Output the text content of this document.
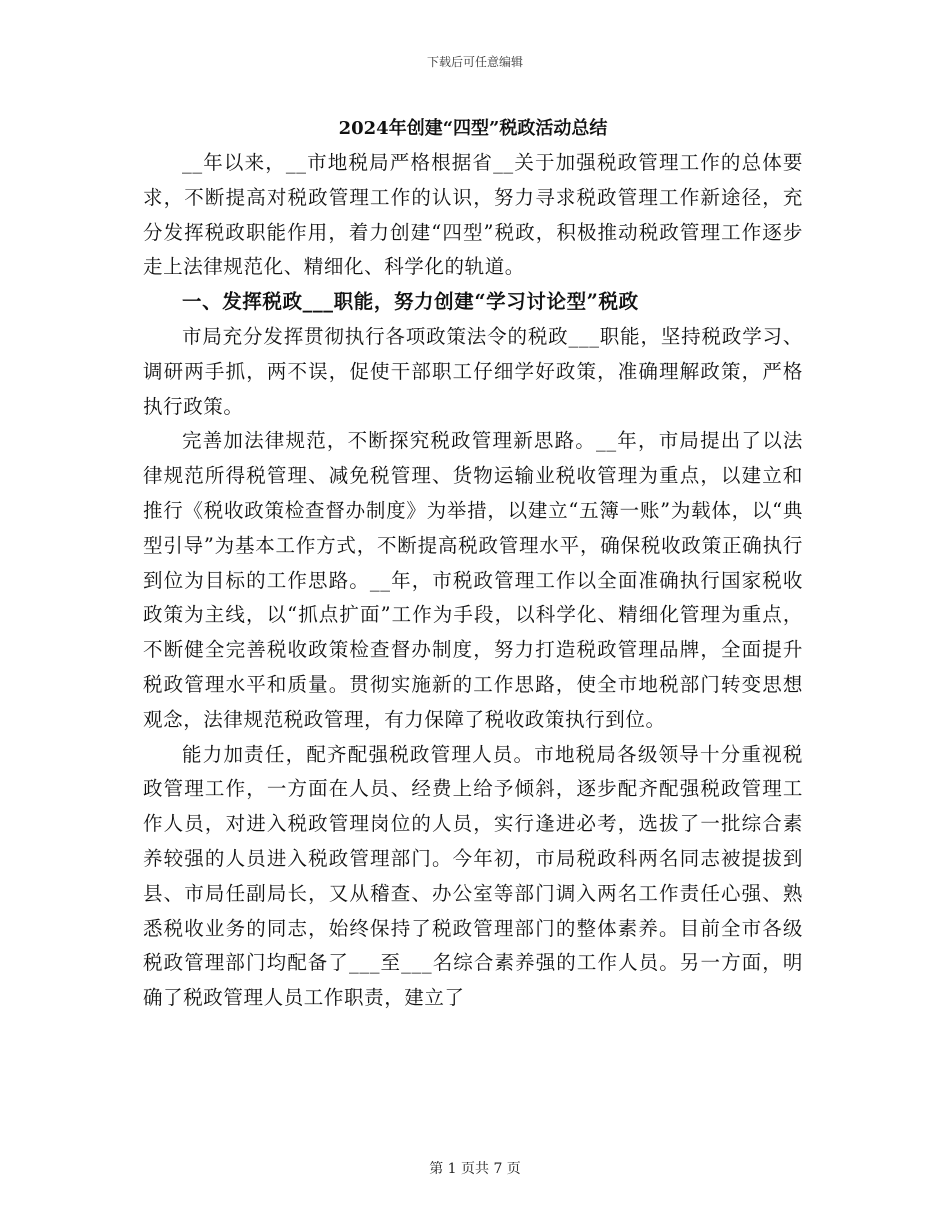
下载后可任意编辑
2024年创建“四型”税政活动总结

__年以来，__市地税局严格根据省__关于加强税政管理工作的总体要求，不断提高对税政管理工作的认识，努力寻求税政管理工作新途径，充分发挥税政职能作用，着力创建“四型”税政，积极推动税政管理工作逐步走上法律规范化、精细化、科学化的轨道。

一、发挥税政___职能，努力创建“学习讨论型”税政

市局充分发挥贯彻执行各项政策法令的税政___职能，坚持税政学习、调研两手抓，两不误，促使干部职工仔细学好政策，准确理解政策，严格执行政策。

完善加法律规范，不断探究税政管理新思路。__年，市局提出了以法律规范所得税管理、减免税管理、货物运输业税收管理为重点，以建立和推行《税收政策检查督办制度》为举措，以建立“五簿一账”为载体，以“典型引导”为基本工作方式，不断提高税政管理水平，确保税收政策正确执行到位为目标的工作思路。__年，市税政管理工作以全面准确执行国家税收政策为主线，以“抓点扩面”工作为手段，以科学化、精细化管理为重点，不断健全完善税收政策检查督办制度，努力打造税政管理品牌，全面提升税政管理水平和质量。贯彻实施新的工作思路，使全市地税部门转变思想观念，法律规范税政管理，有力保障了税收政策执行到位。

能力加责任，配齐配强税政管理人员。市地税局各级领导十分重视税政管理工作，一方面在人员、经费上给予倾斜，逐步配齐配强税政管理工作人员，对进入税政管理岗位的人员，实行逢进必考，选拔了一批综合素养较强的人员进入税政管理部门。今年初，市局税政科两名同志被提拔到县、市局任副局长，又从稽查、办公室等部门调入两名工作责任心强、熟悉税收业务的同志，始终保持了税政管理部门的整体素养。目前全市各级税政管理部门均配备了___至___名综合素养强的工作人员。另一方面，明确了税政管理人员工作职责，建立了

第 1 页共 7 页
